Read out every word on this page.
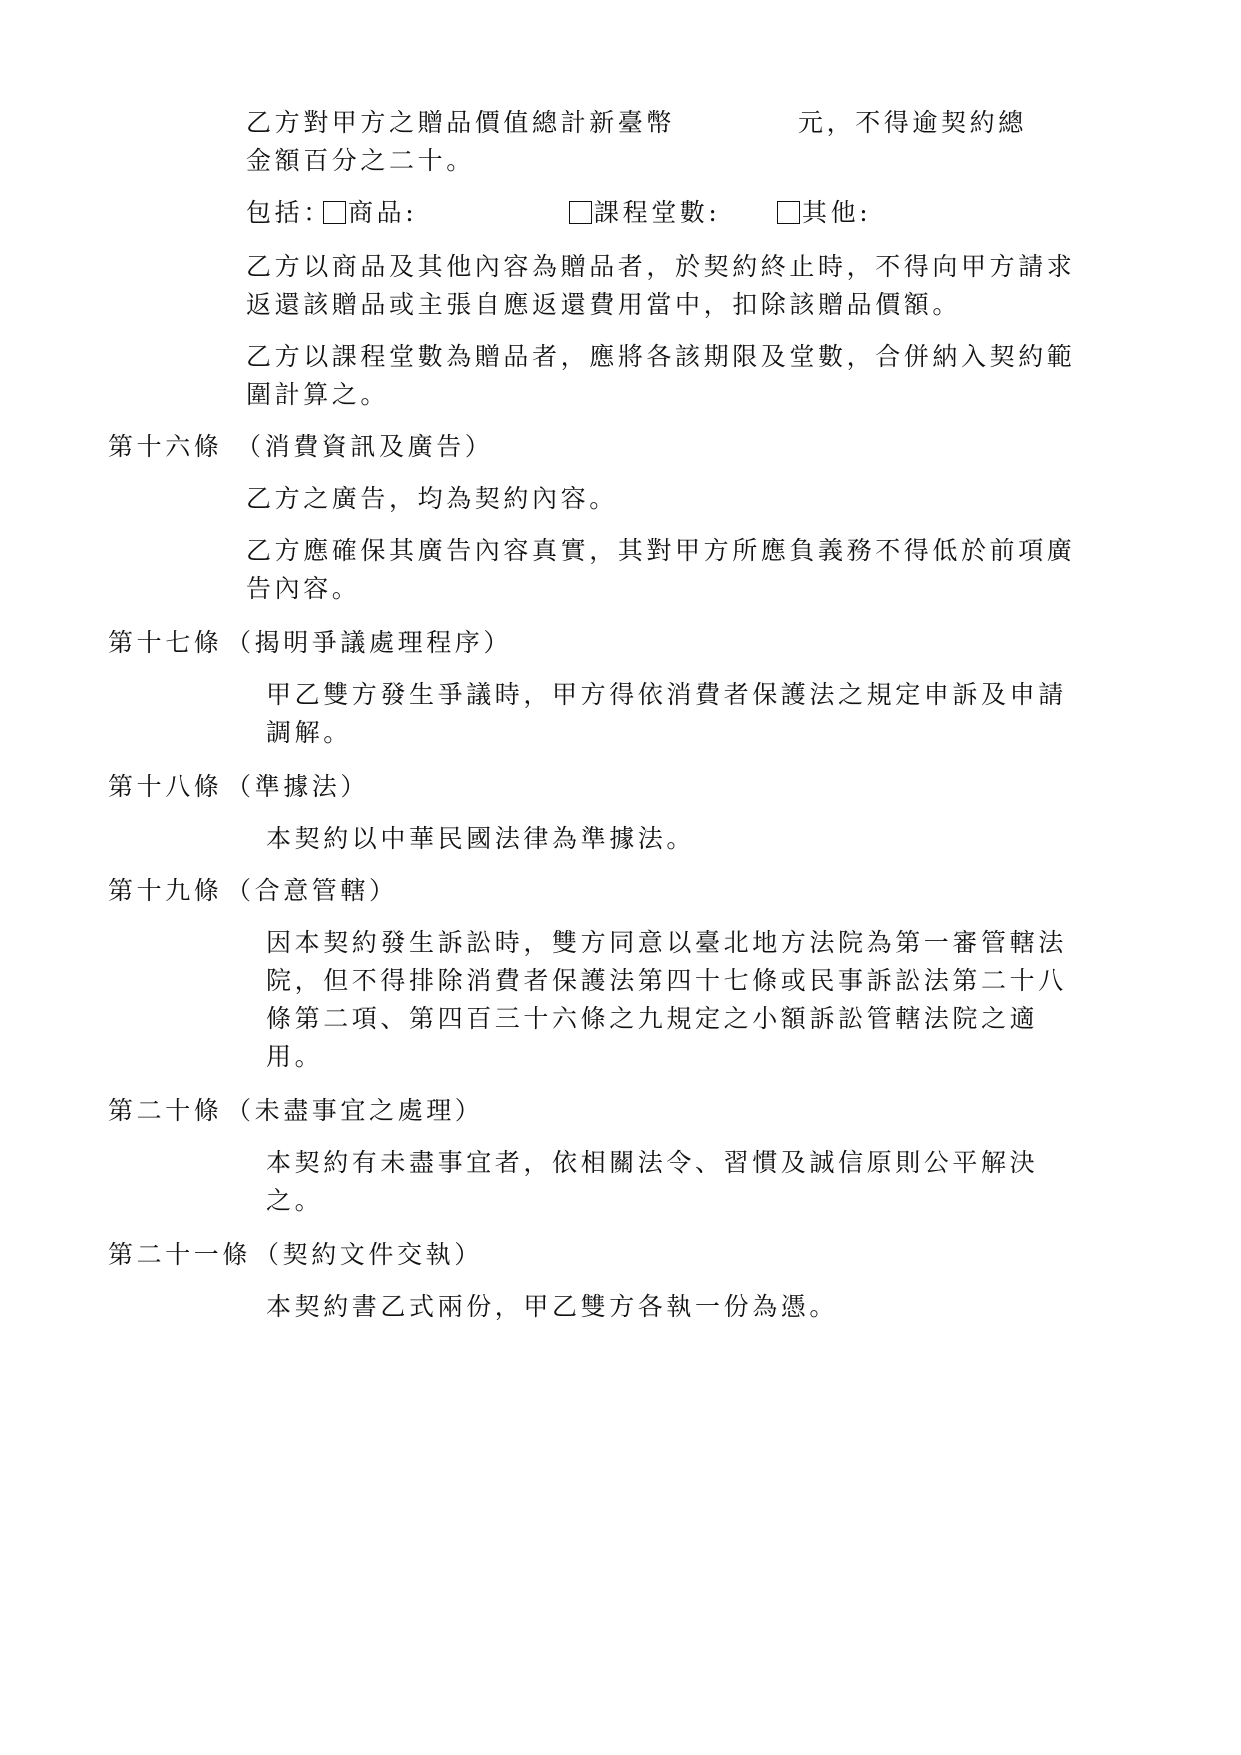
乙方對甲方之贈品價值總計新臺幣	元，不得逾契約總
金額百分之二十。
包括： 商品:	課程堂數:	其他:
乙方以商品及其他內容為贈品者，於契約終止時，不得向甲方請求
返還該贈品或主張自應返還費用當中，扣除該贈品價額。
乙方以課程堂數為贈品者，應將各該期限及堂數，合併納入契約範
圍計算之。
第十六條 （消費資訊及廣告）
乙方之廣告，均為契約內容。
乙方應確保其廣告內容真實，其對甲方所應負義務不得低於前項廣
告內容。
第十七條 （揭明爭議處理程序）
甲乙雙方發生爭議時，甲方得依消費者保護法之規定申訴及申請
調解。
第十八條 （準據法）
本契約以中華民國法律為準據法。
第十九條 （合意管轄）
因本契約發生訴訟時，雙方同意以臺北地方法院為第一審管轄法
院，但不得排除消費者保護法第四十七條或民事訴訟法第二十八
條第二項、第四百三十六條之九規定之小額訴訟管轄法院之適
用。
第二十條 （未盡事宜之處理）
本契約有未盡事宜者，依相關法令、習慣及誠信原則公平解決
之。
第二十一條 （契約文件交執）
本契約書乙式兩份，甲乙雙方各執一份為憑。
